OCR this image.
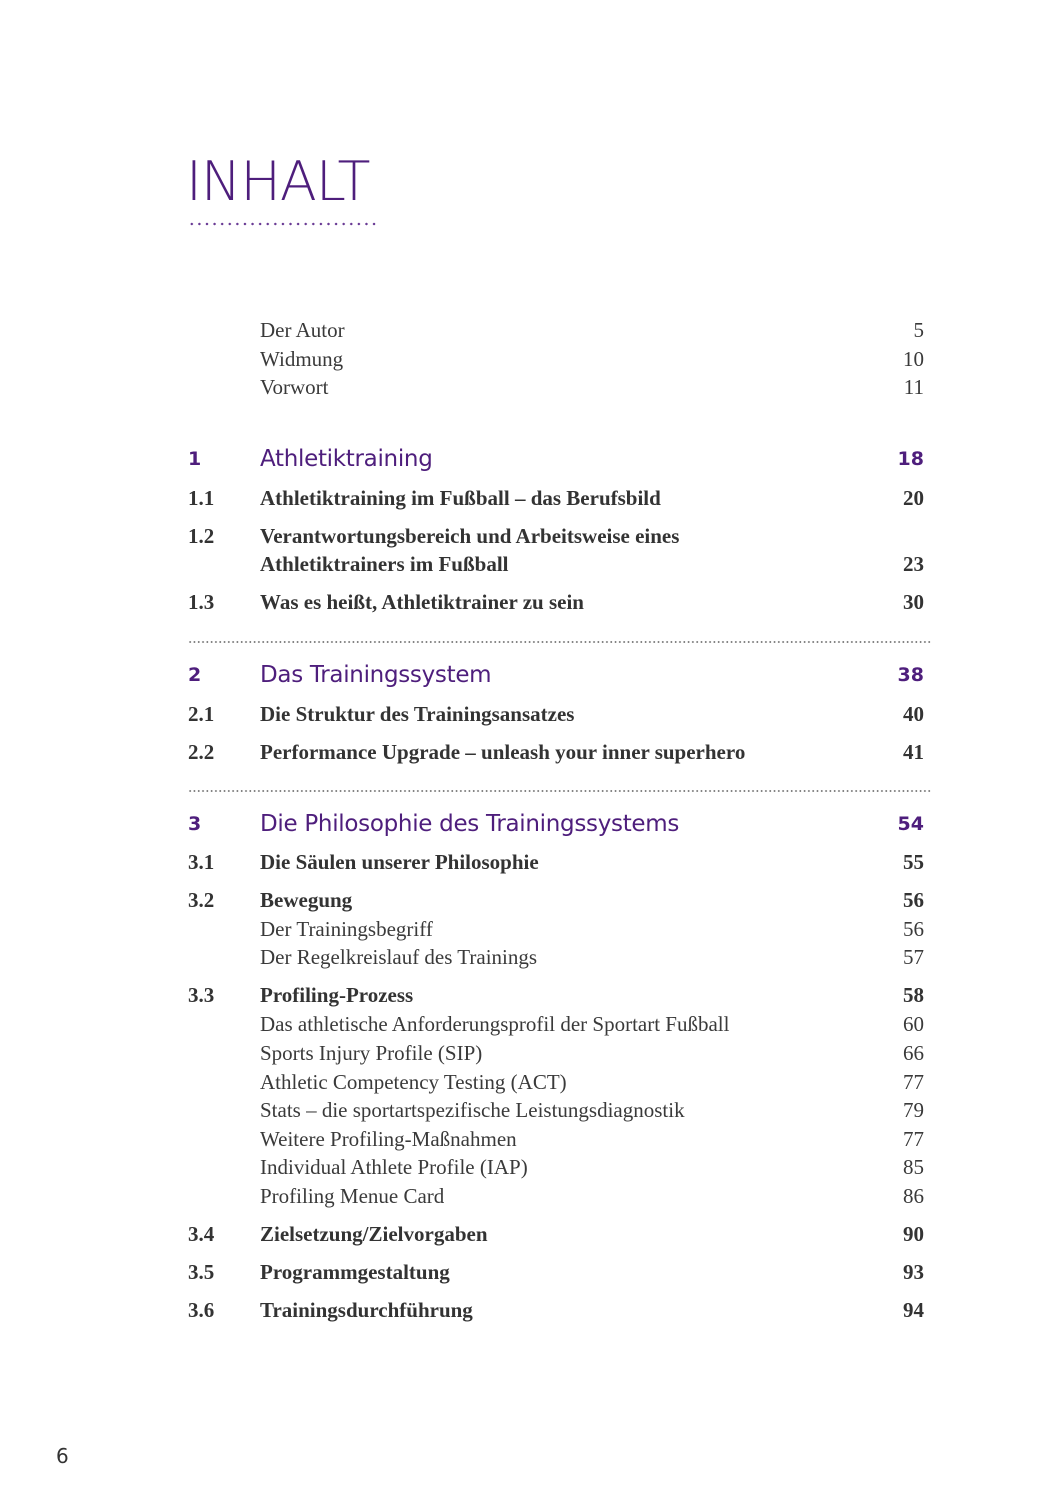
INHALT
Der Autor	5
Widmung	10
Vorwort	11
1	Athletiktraining	18
1.1 Athletiktraining im Fußball – das Berufsbild	20
1.2 Verantwortungsbereich und Arbeitsweise eines
Athletiktrainers im Fußball	23
1.3 Was es heißt, Athletiktrainer zu sein	30
2	Das Trainingssystem	38
2.1 Die Struktur des Trainingsansatzes	40
2.2 Performance Upgrade – unleash your inner superhero	41
3	Die Philosophie des Trainingssystems	54
3.1 Die Säulen unserer Philosophie	55
3.2 Bewegung	56
Der Trainingsbegriff	56
Der Regelkreislauf des Trainings	57
3.3 Profiling-Prozess	58
Das athletische Anforderungsprofil der Sportart Fußball	60
Sports Injury Profile (SIP)	66
Athletic Competency Testing (ACT)	77
Stats – die sportartspezifische Leistungsdiagnostik	79
Weitere Profiling-Maßnahmen	77
Individual Athlete Profile (IAP)	85
Profiling Menue Card	86
3.4 Zielsetzung/Zielvorgaben	90
3.5 Programmgestaltung	93
3.6 Trainingsdurchführung	94
6
